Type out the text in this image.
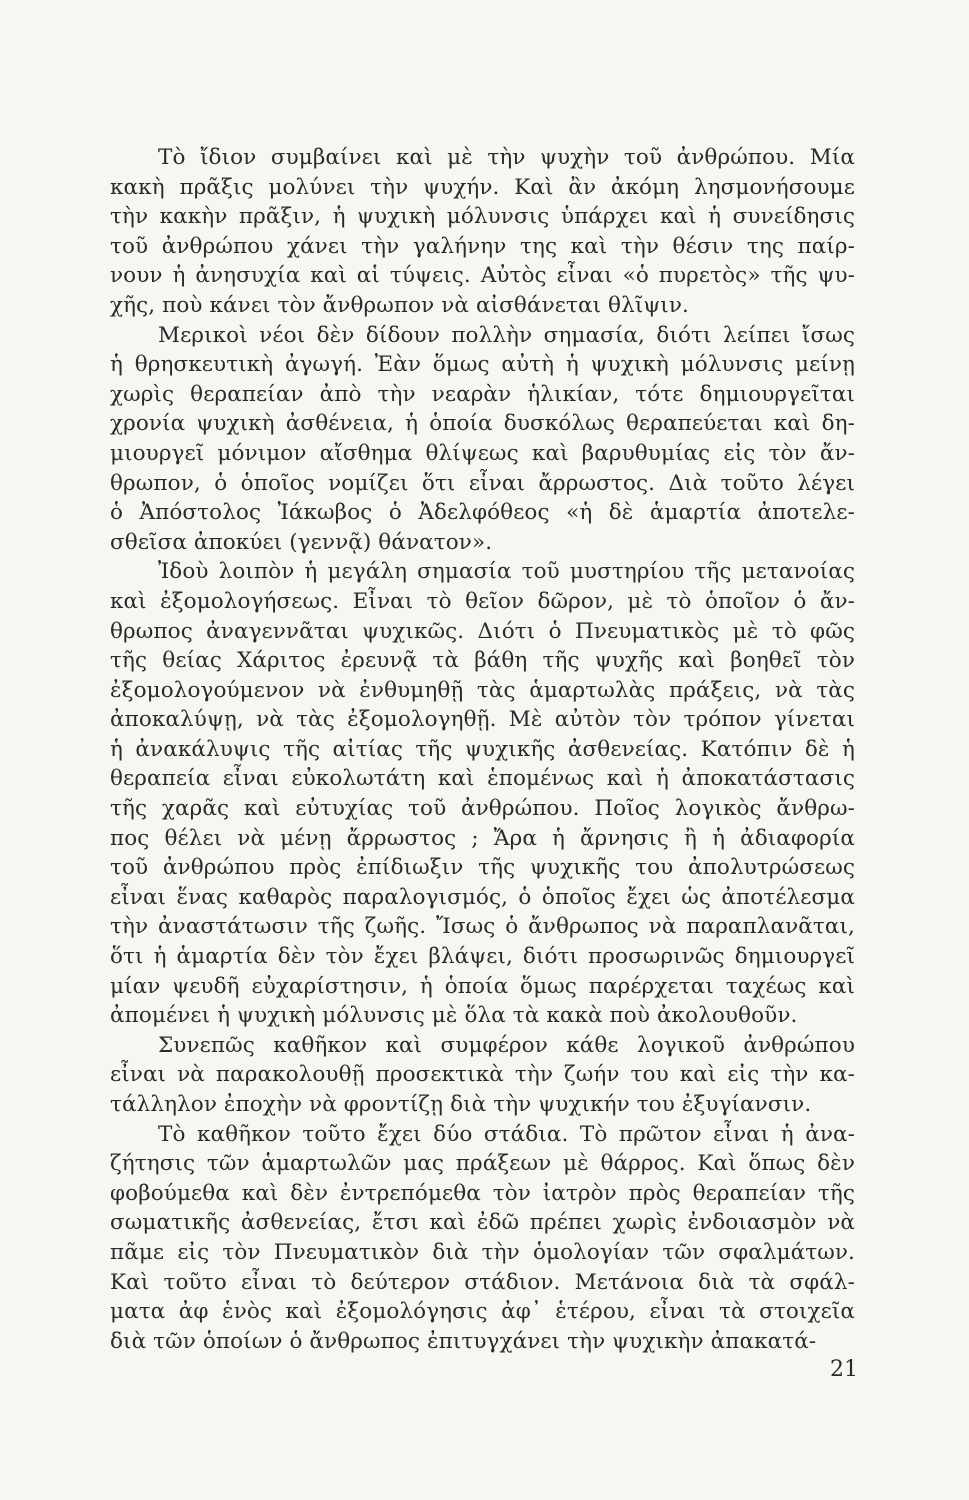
Τὸ ἴδιον συμβαίνει καὶ μὲ τὴν ψυχὴν τοῦ ἀνθρώπου. Μία
κακὴ πρᾶξις μολύνει τὴν ψυχήν. Καὶ ἂν ἀκόμη λησμονήσουμε
τὴν κακὴν πρᾶξιν, ἡ ψυχικὴ μόλυνσις ὑπάρχει καὶ ἡ συνείδησις
τοῦ ἀνθρώπου χάνει τὴν γαλήνην της καὶ τὴν θέσιν της παίρ-
νουν ἡ ἀνησυχία καὶ αἱ τύψεις. Αὐτὸς εἶναι «ὁ πυρετὸς» τῆς ψυ-
χῆς, ποὺ κάνει τὸν ἄνθρωπον νὰ αἰσθάνεται θλῖψιν.
Μερικοὶ νέοι δὲν δίδουν πολλὴν σημασία, διότι λείπει ἴσως
ἡ θρησκευτικὴ ἀγωγή. Ἐὰν ὅμως αὐτὴ ἡ ψυχικὴ μόλυνσις μείνῃ
χωρὶς θεραπείαν ἀπὸ τὴν νεαρὰν ἡλικίαν, τότε δημιουργεῖται
χρονία ψυχικὴ ἀσθένεια, ἡ ὁποία δυσκόλως θεραπεύεται καὶ δη-
μιουργεῖ μόνιμον αἴσθημα θλίψεως καὶ βαρυθυμίας εἰς τὸν ἄν-
θρωπον, ὁ ὁποῖος νομίζει ὅτι εἶναι ἄρρωστος. Διὰ τοῦτο λέγει
ὁ Ἀπόστολος Ἰάκωβος ὁ Ἀδελφόθεος «ἡ δὲ ἁμαρτία ἀποτελε-
σθεῖσα ἀποκύει (γεννᾷ) θάνατον».
Ἰδοὺ λοιπὸν ἡ μεγάλη σημασία τοῦ μυστηρίου τῆς μετανοίας
καὶ ἐξομολογήσεως. Εἶναι τὸ θεῖον δῶρον, μὲ τὸ ὁποῖον ὁ ἄν-
θρωπος ἀναγεννᾶται ψυχικῶς. Διότι ὁ Πνευματικὸς μὲ τὸ φῶς
τῆς θείας Χάριτος ἐρευνᾷ τὰ βάθη τῆς ψυχῆς καὶ βοηθεῖ τὸν
ἐξομολογούμενον νὰ ἐνθυμηθῇ τὰς ἁμαρτωλὰς πράξεις, νὰ τὰς
ἀποκαλύψῃ, νὰ τὰς ἐξομολογηθῇ. Μὲ αὐτὸν τὸν τρόπον γίνεται
ἡ ἀνακάλυψις τῆς αἰτίας τῆς ψυχικῆς ἀσθενείας. Κατόπιν δὲ ἡ
θεραπεία εἶναι εὐκολωτάτη καὶ ἑπομένως καὶ ἡ ἀποκατάστασις
τῆς χαρᾶς καὶ εὐτυχίας τοῦ ἀνθρώπου. Ποῖος λογικὸς ἄνθρω-
πος θέλει νὰ μένῃ ἄρρωστος ; Ἄρα ἡ ἄρνησις ἢ ἡ ἀδιαφορία
τοῦ ἀνθρώπου πρὸς ἐπίδιωξιν τῆς ψυχικῆς του ἀπολυτρώσεως
εἶναι ἕνας καθαρὸς παραλογισμός, ὁ ὁποῖος ἔχει ὡς ἀποτέλεσμα
τὴν ἀναστάτωσιν τῆς ζωῆς. Ἴσως ὁ ἄνθρωπος νὰ παραπλανᾶται,
ὅτι ἡ ἁμαρτία δὲν τὸν ἔχει βλάψει, διότι προσωρινῶς δημιουργεῖ
μίαν ψευδῆ εὐχαρίστησιν, ἡ ὁποία ὅμως παρέρχεται ταχέως καὶ
ἀπομένει ἡ ψυχικὴ μόλυνσις μὲ ὅλα τὰ κακὰ ποὺ ἀκολουθοῦν.
Συνεπῶς καθῆκον καὶ συμφέρον κάθε λογικοῦ ἀνθρώπου
εἶναι νὰ παρακολουθῇ προσεκτικὰ τὴν ζωήν του καὶ εἰς τὴν κα-
τάλληλον ἐποχὴν νὰ φροντίζῃ διὰ τὴν ψυχικήν του ἐξυγίανσιν.
Τὸ καθῆκον τοῦτο ἔχει δύο στάδια. Τὸ πρῶτον εἶναι ἡ ἀνα-
ζήτησις τῶν ἁμαρτωλῶν μας πράξεων μὲ θάρρος. Καὶ ὅπως δὲν
φοβούμεθα καὶ δὲν ἐντρεπόμεθα τὸν ἰατρὸν πρὸς θεραπείαν τῆς
σωματικῆς ἀσθενείας, ἔτσι καὶ ἐδῶ πρέπει χωρὶς ἐνδοιασμὸν νὰ
πᾶμε εἰς τὸν Πνευματικὸν διὰ τὴν ὁμολογίαν τῶν σφαλμάτων.
Καὶ τοῦτο εἶναι τὸ δεύτερον στάδιον. Μετάνοια διὰ τὰ σφάλ-
ματα ἀφ ἑνὸς καὶ ἐξομολόγησις ἀφ᾽ ἑτέρου, εἶναι τὰ στοιχεῖα
διὰ τῶν ὁποίων ὁ ἄνθρωπος ἐπιτυγχάνει τὴν ψυχικὴν ἀπακατά-
21
